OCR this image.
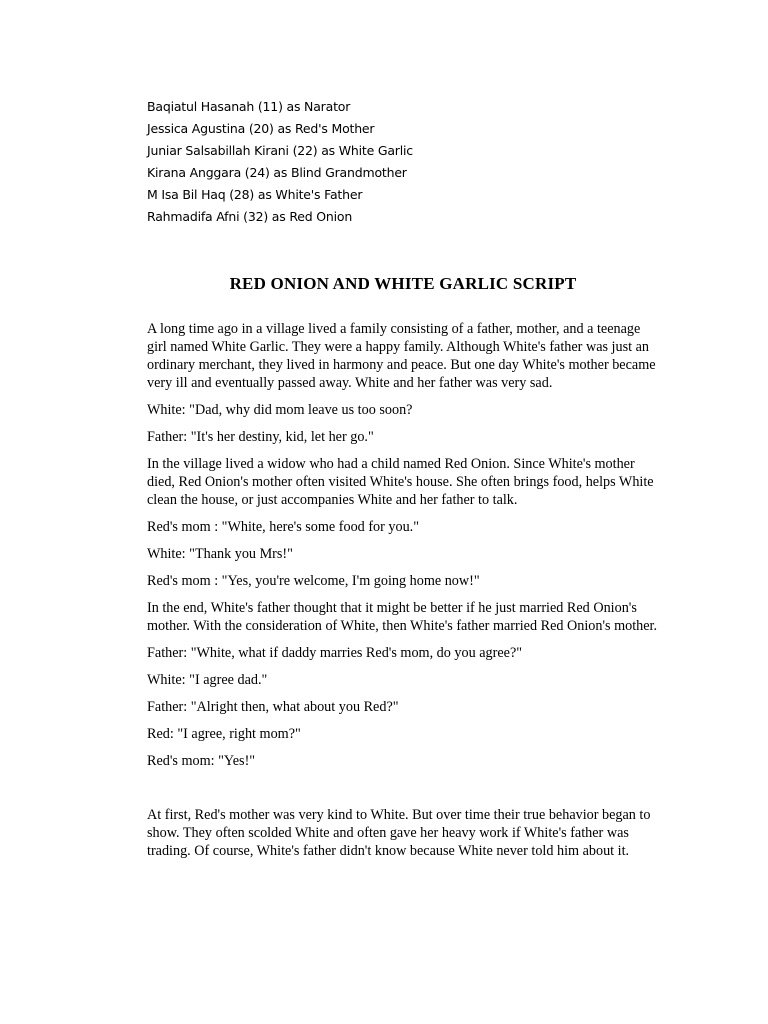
Baqiatul Hasanah (11) as Narator
Jessica Agustina (20) as Red's Mother
Juniar Salsabillah Kirani (22) as White Garlic
Kirana Anggara (24) as Blind Grandmother
M Isa Bil Haq (28) as White's Father
Rahmadifa Afni (32) as Red Onion
RED ONION AND WHITE GARLIC SCRIPT

A long time ago in a village lived a family consisting of a father, mother, and a teenage girl named White Garlic. They were a happy family. Although White's father was just an ordinary merchant, they lived in harmony and peace. But one day White's mother became very ill and eventually passed away. White and her father was very sad.

White: "Dad, why did mom leave us too soon?

Father: "It's her destiny, kid, let her go."

In the village lived a widow who had a child named Red Onion. Since White's mother died, Red Onion's mother often visited White's house. She often brings food, helps White clean the house, or just accompanies White and her father to talk.

Red's mom : "White, here's some food for you."

White: "Thank you Mrs!"

Red's mom : "Yes, you're welcome, I'm going home now!"

In the end, White's father thought that it might be better if he just married Red Onion's mother. With the consideration of White, then White's father married Red Onion's mother.

Father: "White, what if daddy marries Red's mom, do you agree?"

White: "I agree dad."

Father: "Alright then, what about you Red?"

Red: "I agree, right mom?"

Red's mom: "Yes!"

At first, Red's mother was very kind to White. But over time their true behavior began to show. They often scolded White and often gave her heavy work if White's father was trading. Of course, White's father didn't know because White never told him about it.
